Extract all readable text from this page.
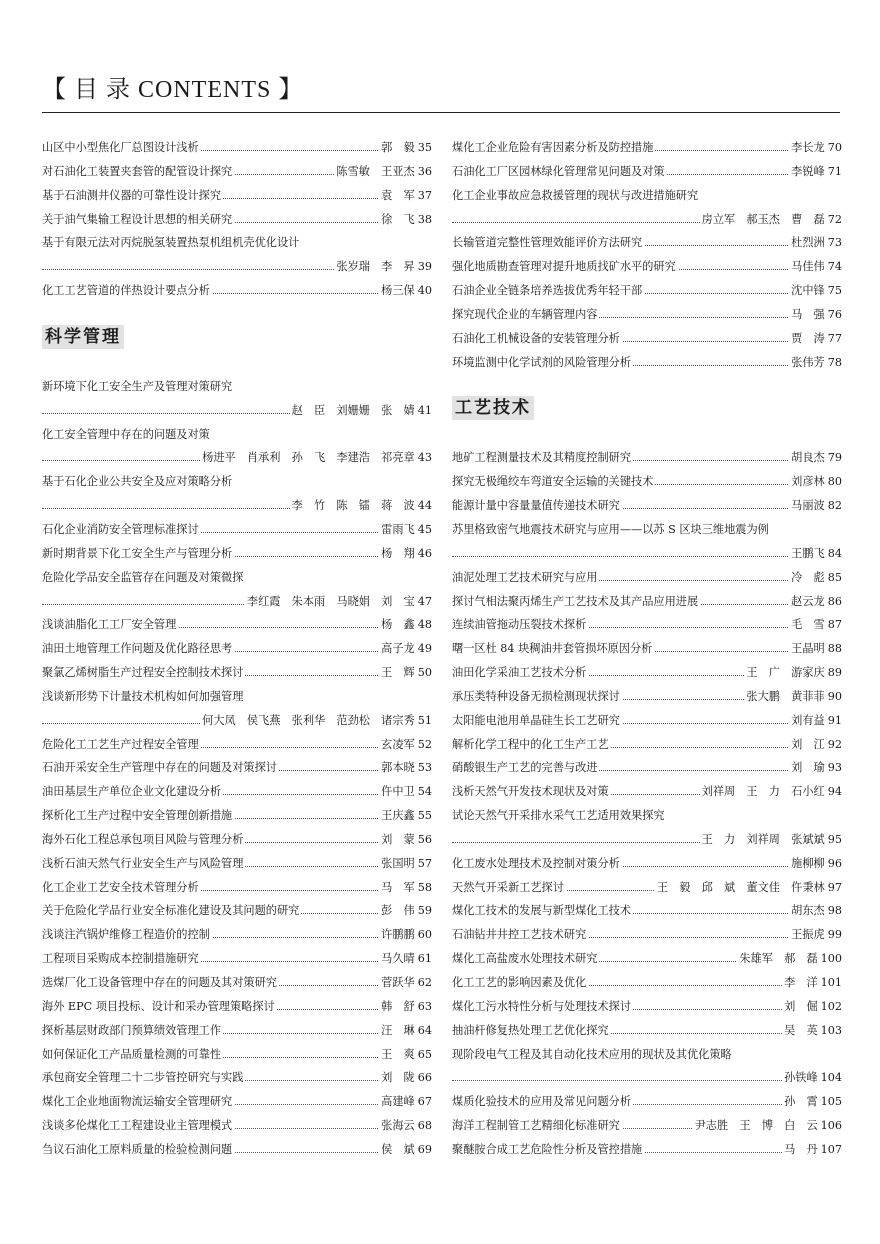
【 目 录 CONTENTS 】
山区中小型焦化厂总图设计浅析	郭　毅 35
对石油化工装置夹套管的配管设计探究	陈雪敏　王亚杰 36
基于石油测井仪器的可靠性设计探究	袁　军 37
关于油气集输工程设计思想的相关研究	徐　飞 38
基于有限元法对丙烷脱氢装置热泵机组机壳优化设计
张岁瑞　李　昇 39
化工工艺管道的伴热设计要点分析	杨三保 40
科学管理
新环境下化工安全生产及管理对策研究
赵　臣　刘姗姗　张　婧 41
化工安全管理中存在的问题及对策
杨进平　肖承利　孙　飞　李建浩　祁亮章 43
基于石化企业公共安全及应对策略分析
李　竹　陈　镭　蒋　波 44
石化企业消防安全管理标准探讨	雷雨飞 45
新时期背景下化工安全生产与管理分析	杨　翔 46
危险化学品安全监管存在问题及对策微探
李红霞　朱本雨　马晓娟　刘　宝 47
浅谈油脂化工工厂安全管理	杨　鑫 48
油田土地管理工作问题及优化路径思考	高子龙 49
聚氯乙烯树脂生产过程安全控制技术探讨	王　辉 50
浅谈新形势下计量技术机构如何加强管理
何大凤　侯飞燕　张利华　范劲松　诸宗秀 51
危险化工工艺生产过程安全管理	玄凌军 52
石油开采安全生产管理中存在的问题及对策探讨	郭本晓 53
油田基层生产单位企业文化建设分析	仵中卫 54
探析化工生产过程中安全管理创新措施	王庆鑫 55
海外石化工程总承包项目风险与管理分析	刘　蒙 56
浅析石油天然气行业安全生产与风险管理	张国明 57
化工企业工艺安全技术管理分析	马　军 58
关于危险化学品行业安全标准化建设及其问题的研究	彭　伟 59
浅谈注汽锅炉维修工程造价的控制	许鹏鹏 60
工程项目采购成本控制措施研究	马久晴 61
选煤厂化工设备管理中存在的问题及其对策研究	菅跃华 62
海外 EPC 项目投标、设计和采办管理策略探讨	韩　舒 63
探析基层财政部门预算绩效管理工作	汪　琳 64
如何保证化工产品质量检测的可靠性	王　爽 65
承包商安全管理二十二步管控研究与实践	刘　陇 66
煤化工企业地面物流运输安全管理研究	高建峰 67
浅谈多伦煤化工工程建设业主管理模式	张海云 68
刍议石油化工原料质量的检验检测问题	侯　斌 69
煤化工企业危险有害因素分析及防控措施	李长龙 70
石油化工厂区园林绿化管理常见问题及对策	李锐峰 71
化工企业事故应急救援管理的现状与改进措施研究
房立军　郝玉杰　曹　磊 72
长输管道完整性管理效能评价方法研究	杜烈洲 73
强化地质勘查管理对提升地质找矿水平的研究	马佳伟 74
石油企业全链条培养选拔优秀年轻干部	沈中锋 75
探究现代企业的车辆管理内容	马　强 76
石油化工机械设备的安装管理分析	贾　涛 77
环境监测中化学试剂的风险管理分析	张伟芳 78
工艺技术
地矿工程测量技术及其精度控制研究	胡良杰 79
探究无极绳绞车弯道安全运输的关键技术	刘彦林 80
能源计量中容量量值传递技术研究	马丽波 82
苏里格致密气地震技术研究与应用——以苏 S 区块三维地震为例
王鹏飞 84
油泥处理工艺技术研究与应用	冷　彪 85
探讨气相法聚丙烯生产工艺技术及其产品应用进展	赵云龙 86
连续油管拖动压裂技术探析	毛　雪 87
曙一区杜 84 块稠油井套管损坏原因分析	王晶明 88
油田化学采油工艺技术分析	王　广　游家庆 89
承压类特种设备无损检测现状探讨	张大鹏　黄菲菲 90
太阳能电池用单晶硅生长工艺研究	刘有益 91
解析化学工程中的化工生产工艺	刘　江 92
硝酸银生产工艺的完善与改进	刘　瑜 93
浅析天然气开发技术现状及对策	刘祥周　王　力　石小红 94
试论天然气开采排水采气工艺适用效果探究
王　力　刘祥周　张斌斌 95
化工废水处理技术及控制对策分析	施柳柳 96
天然气开采新工艺探讨	王　毅　邱　斌　董文佳　仵秉林 97
煤化工技术的发展与新型煤化工技术	胡东杰 98
石油钻井井控工艺技术研究	王振虎 99
煤化工高盐废水处理技术研究	朱雄军　郝　磊 100
化工工艺的影响因素及优化	李　洋 101
煤化工污水特性分析与处理技术探讨	刘　倔 102
抽油杆修复热处理工艺优化探究	吴　英 103
现阶段电气工程及其自动化技术应用的现状及其优化策略
孙铁峰 104
煤质化验技术的应用及常见问题分析	孙　霄 105
海洋工程制管工艺精细化标准研究	尹志胜　王　博　白　云 106
聚醚胺合成工艺危险性分析及管控措施	马　丹 107
